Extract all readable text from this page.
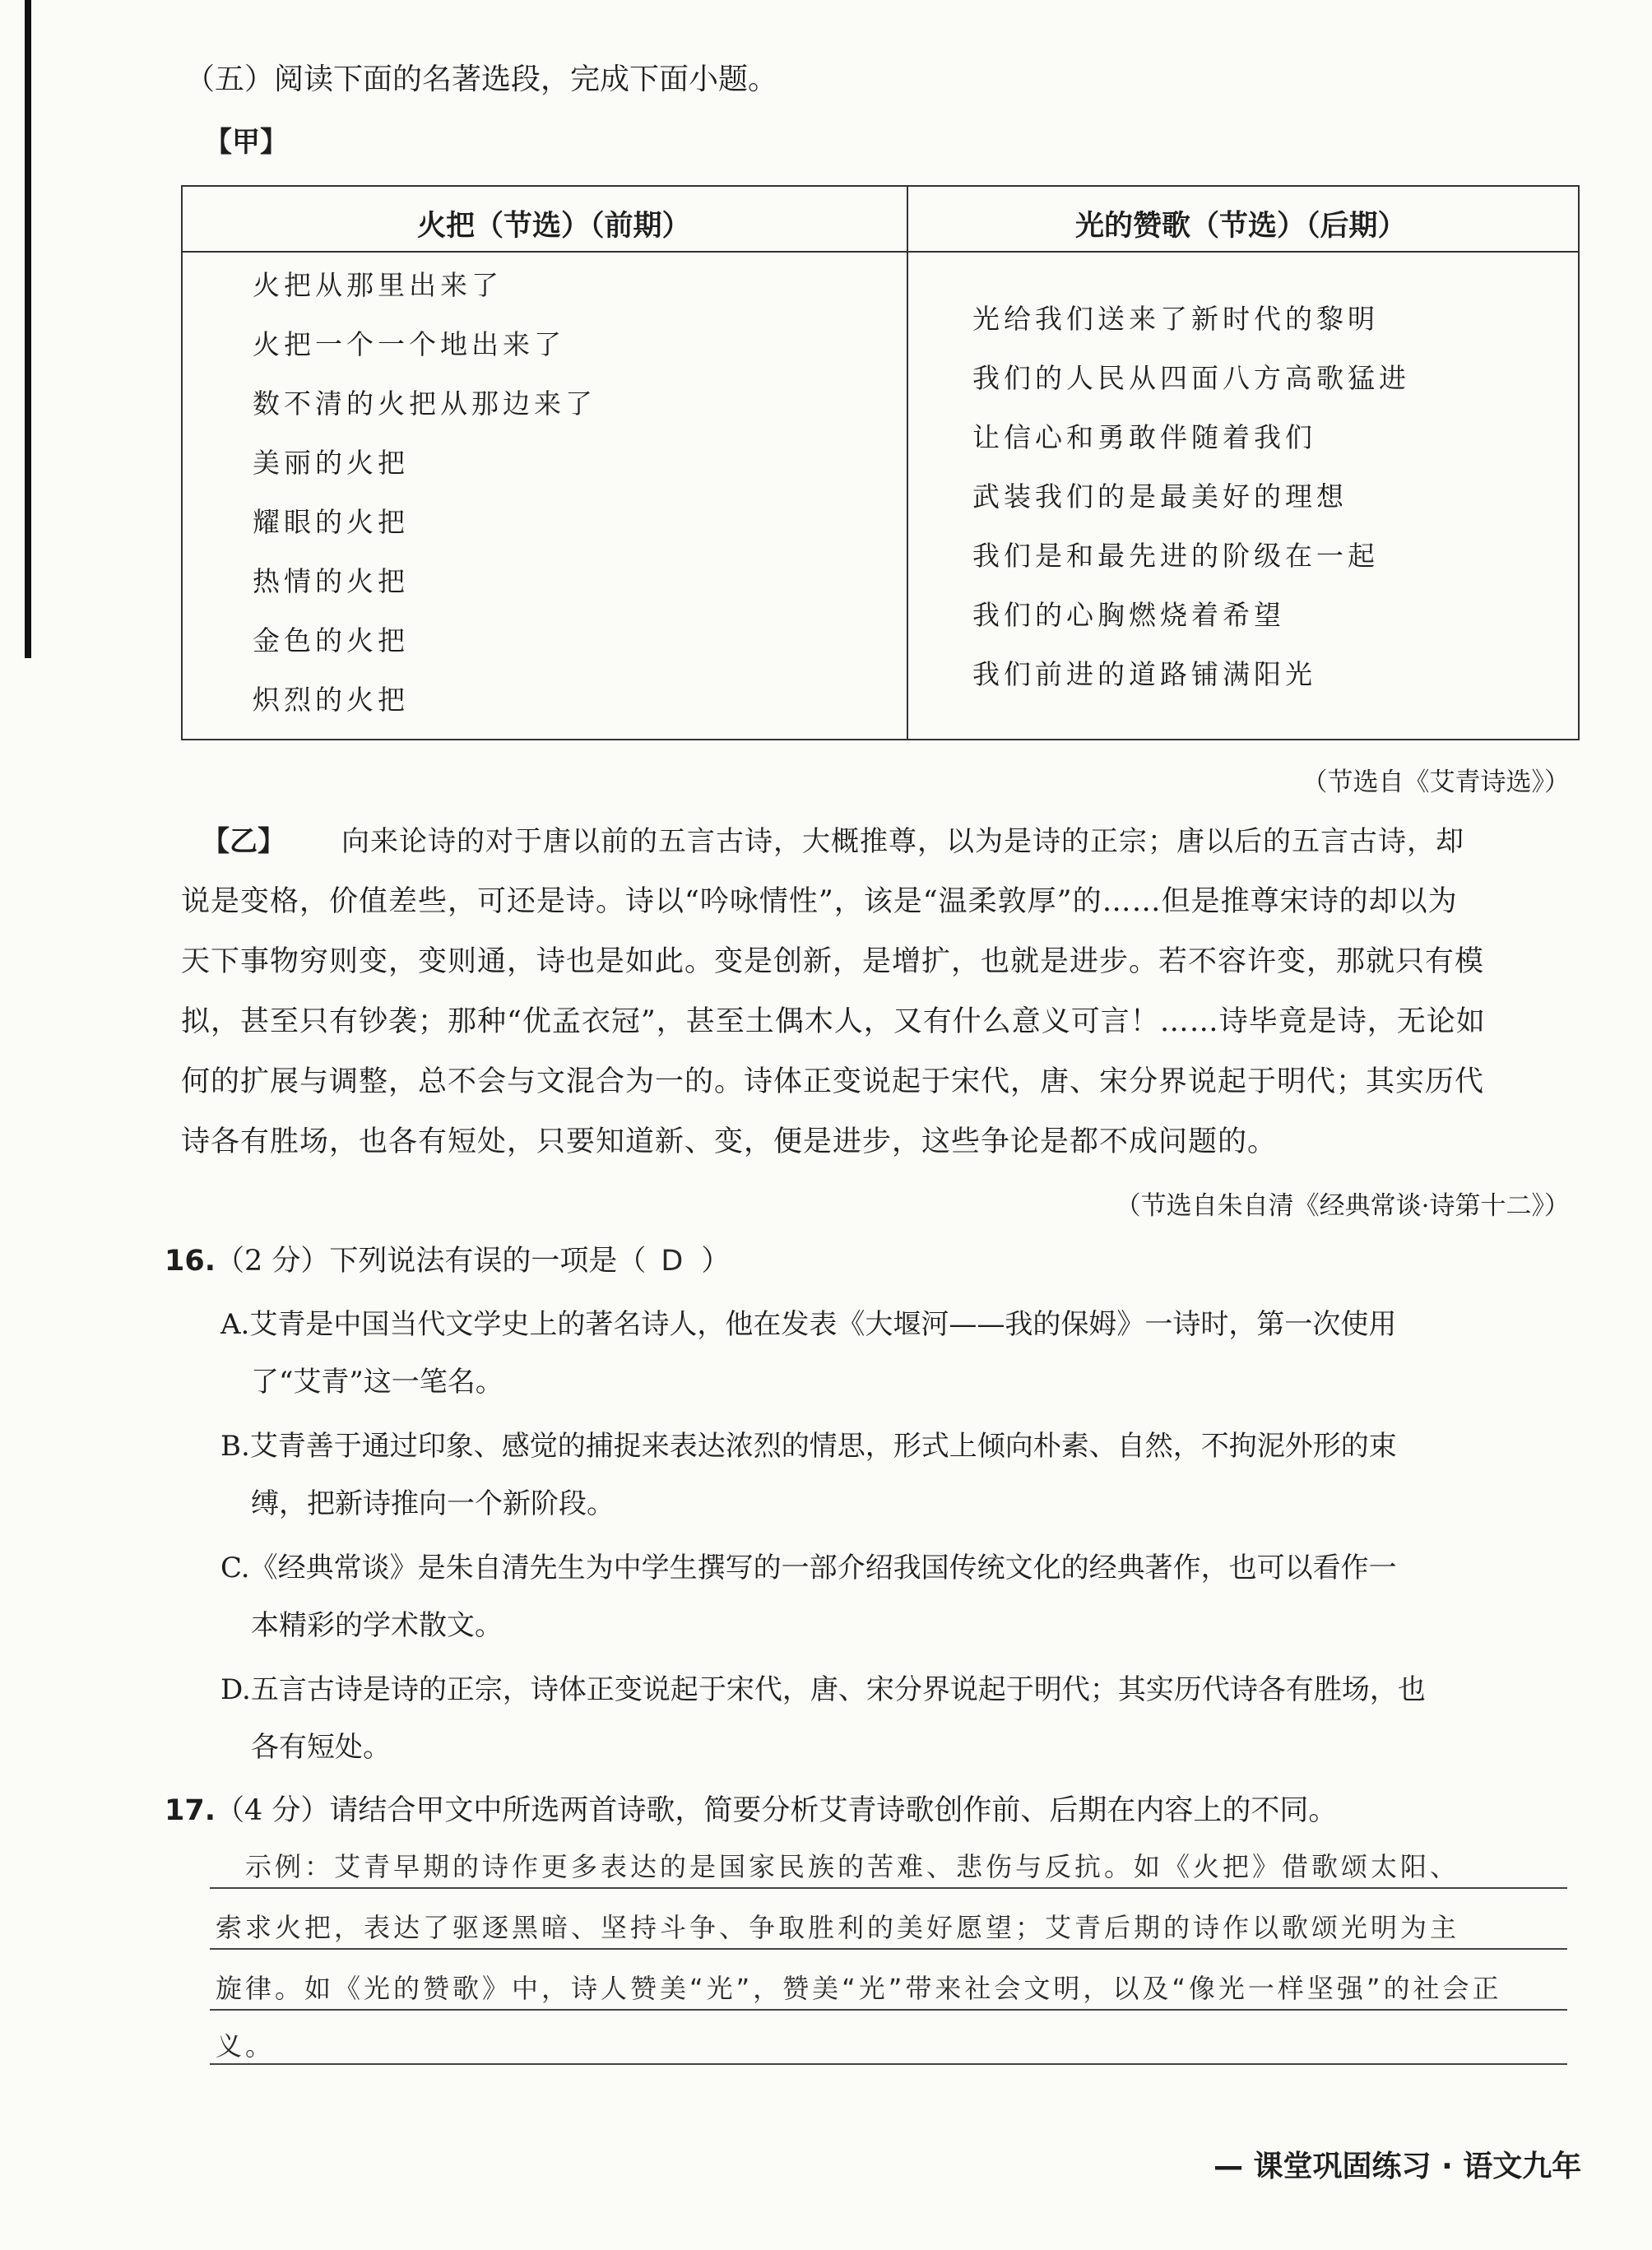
（五）阅读下面的名著选段，完成下面小题。
【甲】
火把（节选）（前期）	光的赞歌（节选）（后期）
火把从那里出来了
火把一个一个地出来了
数不清的火把从那边来了
美丽的火把
耀眼的火把
热情的火把
金色的火把
炽烈的火把
光给我们送来了新时代的黎明
我们的人民从四面八方高歌猛进
让信心和勇敢伴随着我们
武装我们的是最美好的理想
我们是和最先进的阶级在一起
我们的心胸燃烧着希望
我们前进的道路铺满阳光
（节选自《艾青诗选》）
【乙】 向来论诗的对于唐以前的五言古诗，大概推尊，以为是诗的正宗；唐以后的五言古诗，却
说是变格，价值差些，可还是诗。诗以“吟咏情性”，该是“温柔敦厚”的……但是推尊宋诗的却以为
天下事物穷则变，变则通，诗也是如此。变是创新，是增扩，也就是进步。若不容许变，那就只有模
拟，甚至只有钞袭；那种“优孟衣冠”，甚至土偶木人，又有什么意义可言！……诗毕竟是诗，无论如
何的扩展与调整，总不会与文混合为一的。诗体正变说起于宋代，唐、宋分界说起于明代；其实历代
诗各有胜场，也各有短处，只要知道新、变，便是进步，这些争论是都不成问题的。
（节选自朱自清《经典常谈·诗第十二》）
16.（2 分）下列说法有误的一项是（ D ）
A.艾青是中国当代文学史上的著名诗人，他在发表《大堰河——我的保姆》一诗时，第一次使用
了“艾青”这一笔名。
B.艾青善于通过印象、感觉的捕捉来表达浓烈的情思，形式上倾向朴素、自然，不拘泥外形的束
缚，把新诗推向一个新阶段。
C.《经典常谈》是朱自清先生为中学生撰写的一部介绍我国传统文化的经典著作，也可以看作一
本精彩的学术散文。
D.五言古诗是诗的正宗，诗体正变说起于宋代，唐、宋分界说起于明代；其实历代诗各有胜场，也
各有短处。
17.（4 分）请结合甲文中所选两首诗歌，简要分析艾青诗歌创作前、后期在内容上的不同。
示例：艾青早期的诗作更多表达的是国家民族的苦难、悲伤与反抗。如《火把》借歌颂太阳、
索求火把，表达了驱逐黑暗、坚持斗争、争取胜利的美好愿望；艾青后期的诗作以歌颂光明为主
旋律。如《光的赞歌》中，诗人赞美“光”，赞美“光”带来社会文明，以及“像光一样坚强”的社会正
义。
— 课堂巩固练习 · 语文九年
